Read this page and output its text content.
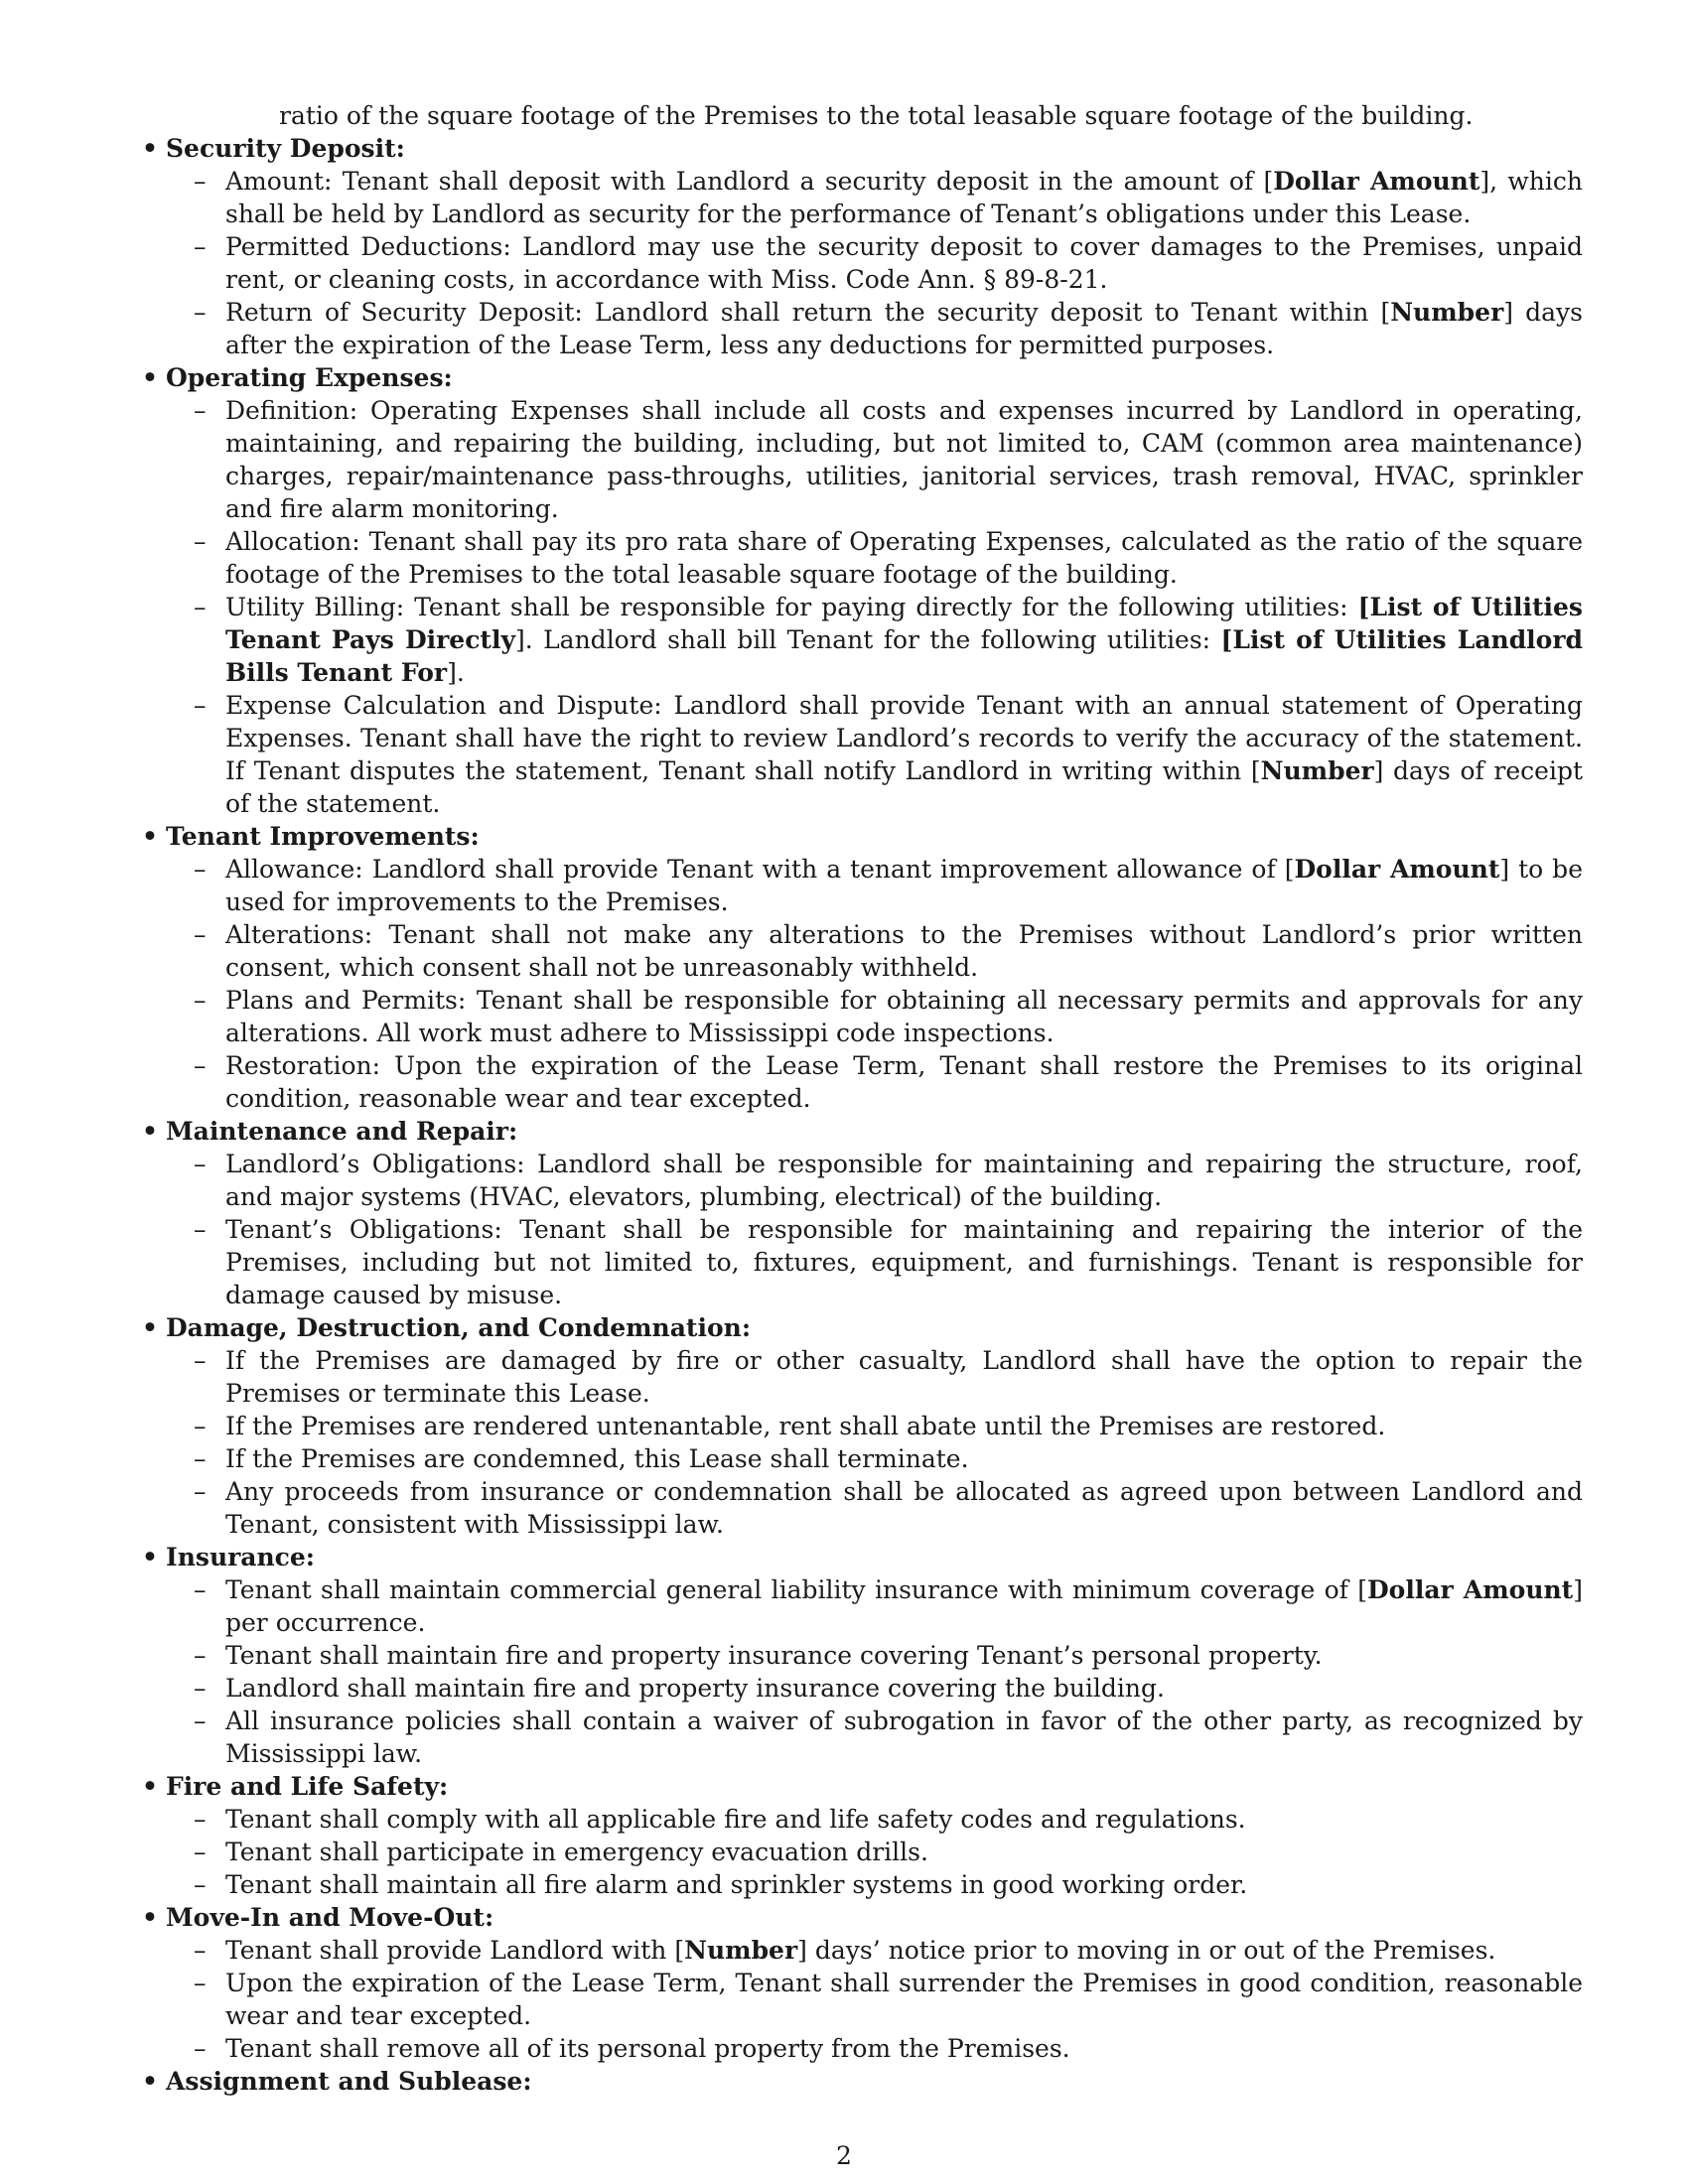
ratio of the square footage of the Premises to the total leasable square footage of the building.
• Security Deposit:
– Amount: Tenant shall deposit with Landlord a security deposit in the amount of [Dollar Amount], which shall be held by Landlord as security for the performance of Tenant’s obligations under this Lease.
– Permitted Deductions: Landlord may use the security deposit to cover damages to the Premises, unpaid rent, or cleaning costs, in accordance with Miss. Code Ann. § 89-8-21.
– Return of Security Deposit: Landlord shall return the security deposit to Tenant within [Number] days after the expiration of the Lease Term, less any deductions for permitted purposes.
• Operating Expenses:
– Definition: Operating Expenses shall include all costs and expenses incurred by Landlord in operating, maintaining, and repairing the building, including, but not limited to, CAM (common area maintenance) charges, repair/maintenance pass-throughs, utilities, janitorial services, trash removal, HVAC, sprinkler and fire alarm monitoring.
– Allocation: Tenant shall pay its pro rata share of Operating Expenses, calculated as the ratio of the square footage of the Premises to the total leasable square footage of the building.
– Utility Billing: Tenant shall be responsible for paying directly for the following utilities: [List of Utilities Tenant Pays Directly]. Landlord shall bill Tenant for the following utilities: [List of Utilities Landlord Bills Tenant For].
– Expense Calculation and Dispute: Landlord shall provide Tenant with an annual statement of Operating Expenses. Tenant shall have the right to review Landlord’s records to verify the accuracy of the statement. If Tenant disputes the statement, Tenant shall notify Landlord in writing within [Number] days of receipt of the statement.
• Tenant Improvements:
– Allowance: Landlord shall provide Tenant with a tenant improvement allowance of [Dollar Amount] to be used for improvements to the Premises.
– Alterations: Tenant shall not make any alterations to the Premises without Landlord’s prior written consent, which consent shall not be unreasonably withheld.
– Plans and Permits: Tenant shall be responsible for obtaining all necessary permits and approvals for any alterations. All work must adhere to Mississippi code inspections.
– Restoration: Upon the expiration of the Lease Term, Tenant shall restore the Premises to its original condition, reasonable wear and tear excepted.
• Maintenance and Repair:
– Landlord’s Obligations: Landlord shall be responsible for maintaining and repairing the structure, roof, and major systems (HVAC, elevators, plumbing, electrical) of the building.
– Tenant’s Obligations: Tenant shall be responsible for maintaining and repairing the interior of the Premises, including but not limited to, fixtures, equipment, and furnishings. Tenant is responsible for damage caused by misuse.
• Damage, Destruction, and Condemnation:
– If the Premises are damaged by fire or other casualty, Landlord shall have the option to repair the Premises or terminate this Lease.
– If the Premises are rendered untenantable, rent shall abate until the Premises are restored.
– If the Premises are condemned, this Lease shall terminate.
– Any proceeds from insurance or condemnation shall be allocated as agreed upon between Landlord and Tenant, consistent with Mississippi law.
• Insurance:
– Tenant shall maintain commercial general liability insurance with minimum coverage of [Dollar Amount] per occurrence.
– Tenant shall maintain fire and property insurance covering Tenant’s personal property.
– Landlord shall maintain fire and property insurance covering the building.
– All insurance policies shall contain a waiver of subrogation in favor of the other party, as recognized by Mississippi law.
• Fire and Life Safety:
– Tenant shall comply with all applicable fire and life safety codes and regulations.
– Tenant shall participate in emergency evacuation drills.
– Tenant shall maintain all fire alarm and sprinkler systems in good working order.
• Move-In and Move-Out:
– Tenant shall provide Landlord with [Number] days’ notice prior to moving in or out of the Premises.
– Upon the expiration of the Lease Term, Tenant shall surrender the Premises in good condition, reasonable wear and tear excepted.
– Tenant shall remove all of its personal property from the Premises.
• Assignment and Sublease:
2
